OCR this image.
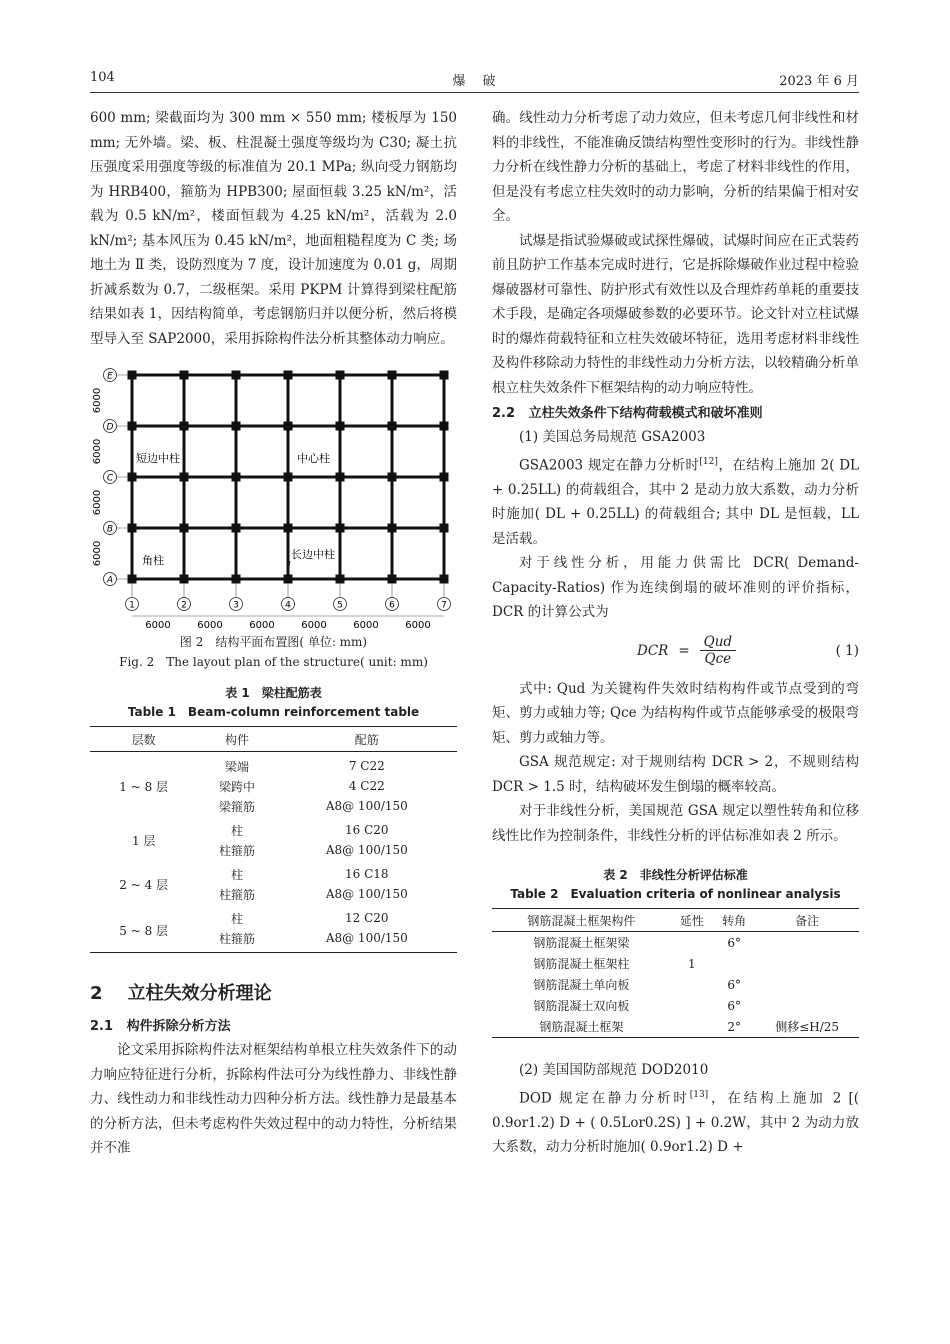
104	爆　破	2023 年 6 月

600 mm; 梁截面均为 300 mm × 550 mm; 楼板厚为 150 mm; 无外墙。梁、板、柱混凝土强度等级均为 C30; 凝土抗压强度采用强度等级的标准值为 20.1 MPa; 纵向受力钢筋均为 HRB400，箍筋为 HPB300; 屋面恒载 3.25 kN/m²，活载为 0.5 kN/m²，楼面恒载为 4.25 kN/m²，活载为 2.0 kN/m²; 基本风压为 0.45 kN/m²，地面粗糙程度为 C 类; 场地土为 Ⅱ 类，设防烈度为 7 度，设计加速度为 0.01 g，周期折减系数为 0.7，二级框架。采用 PKPM 计算得到梁柱配筋结果如表 1，因结构简单，考虑钢筋归并以便分析，然后将模型导入至 SAP2000，采用拆除构件法分析其整体动力响应。

E
D
C
B
A
1	2	3	4	5	6	7
6000
6000
6000
6000
6000	6000	6000	6000	6000	6000
短边中柱	中心柱
长边中柱
角柱

图 2　结构平面布置图( 单位: mm)

Fig. 2　The layout plan of the structure( unit: mm)

表 1　梁柱配筋表

Table 1　Beam-column reinforcement table

层数	构件	配筋
1 ~ 8 层	梁端	7 C22
	梁跨中	4 C22
	梁箍筋	A8@ 100/150
1 层	柱	16 C20
	柱箍筋	A8@ 100/150
2 ~ 4 层	柱	16 C18
	柱箍筋	A8@ 100/150
5 ~ 8 层	柱	12 C20
	柱箍筋	A8@ 100/150
2 立柱失效分析理论
2.1 构件拆除分析方法

论文采用拆除构件法对框架结构单根立柱失效条件下的动力响应特征进行分析，拆除构件法可分为线性静力、非线性静力、线性动力和非线性动力四种分析方法。线性静力是最基本的分析方法，但未考虑构件失效过程中的动力特性，分析结果并不准

确。线性动力分析考虑了动力效应，但未考虑几何非线性和材料的非线性，不能准确反馈结构塑性变形时的行为。非线性静力分析在线性静力分析的基础上，考虑了材料非线性的作用，但是没有考虑立柱失效时的动力影响，分析的结果偏于相对安全。

试爆是指试验爆破或试探性爆破，试爆时间应在正式装药前且防护工作基本完成时进行，它是拆除爆破作业过程中检验爆破器材可靠性、防护形式有效性以及合理炸药单耗的重要技术手段，是确定各项爆破参数的必要环节。论文针对立柱试爆时的爆炸荷载特征和立柱失效破坏特征，选用考虑材料非线性及构件移除动力特性的非线性动力分析方法，以较精确分析单根立柱失效条件下框架结构的动力响应特性。

2.2 立柱失效条件下结构荷载模式和破坏准则

(1) 美国总务局规范 GSA2003

GSA2003 规定在静力分析时[12]，在结构上施加 2( DL + 0.25LL) 的荷载组合，其中 2 是动力放大系数，动力分析时施加( DL + 0.25LL) 的荷载组合; 其中 DL 是恒载，LL 是活载。

对于线性分析，用能力供需比 DCR( Demand-Capacity-Ratios) 作为连续倒塌的破坏准则的评价指标，DCR 的计算公式为

DCR = $\frac{\text{Qud}}{\text{Qce}}$	( 1)

式中: Qud 为关键构件失效时结构构件或节点受到的弯矩、剪力或轴力等; Qce 为结构构件或节点能够承受的极限弯矩、剪力或轴力等。

GSA 规范规定: 对于规则结构 DCR > 2，不规则结构 DCR > 1.5 时，结构破坏发生倒塌的概率较高。

对于非线性分析，美国规范 GSA 规定以塑性转角和位移线性比作为控制条件，非线性分析的评估标准如表 2 所示。

表 2　非线性分析评估标准

Table 2　Evaluation criteria of nonlinear analysis

钢筋混凝土框架构件	延性	转角	备注
钢筋混凝土框架梁		6°	
钢筋混凝土框架柱	1		
钢筋混凝土单向板		6°	
钢筋混凝土双向板		6°	
钢筋混凝土框架		2°	侧移≤H/25

(2) 美国国防部规范 DOD2010

DOD 规定在静力分析时[13]，在结构上施加 2 [( 0.9or1.2) D + ( 0.5Lor0.2S) ] + 0.2W，其中 2 为动力放大系数，动力分析时施加( 0.9or1.2) D +
